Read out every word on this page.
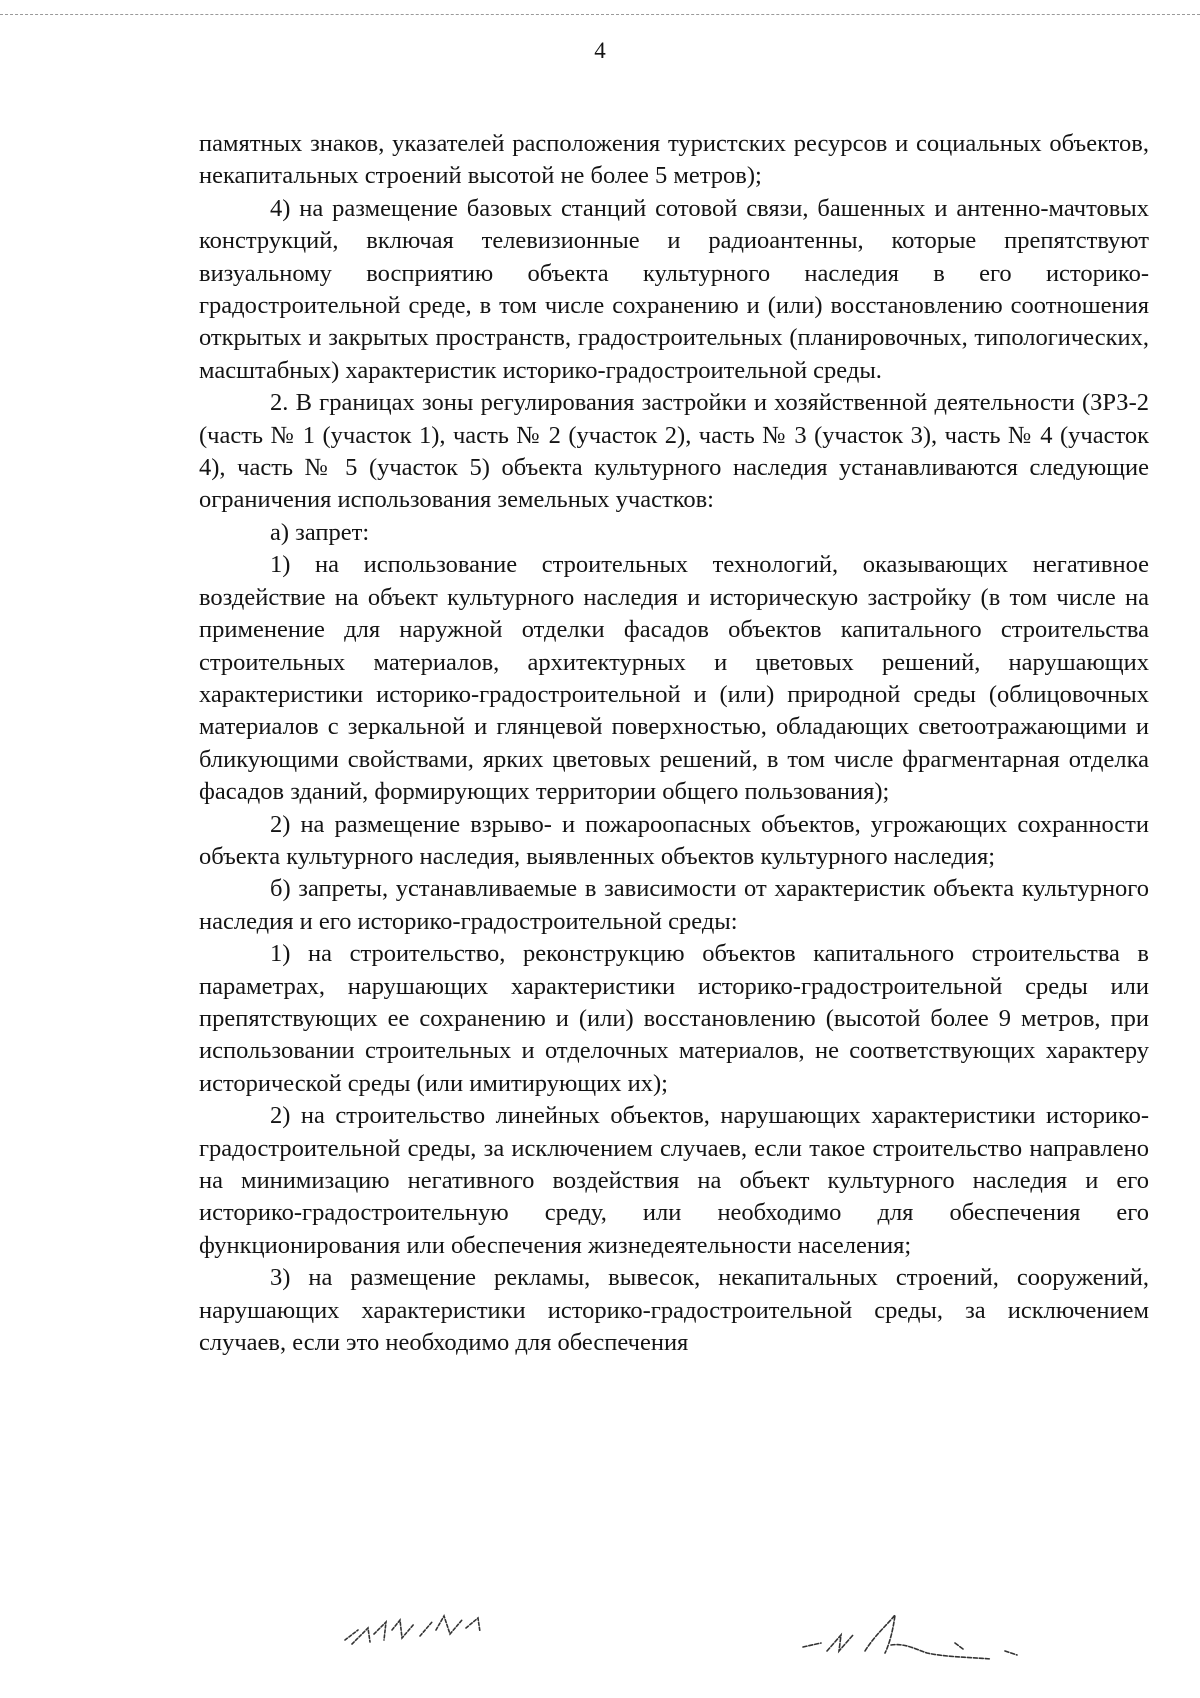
4

памятных знаков, указателей расположения туристских ресурсов и социальных объектов, некапитальных строений высотой не более 5 метров);

4) на размещение базовых станций сотовой связи, башенных и антенно-мачтовых конструкций, включая телевизионные и радиоантенны, которые препятствуют визуальному восприятию объекта культурного наследия в его историко-градостроительной среде, в том числе сохранению и (или) восстановлению соотношения открытых и закрытых пространств, градостроительных (планировочных, типологических, масштабных) характеристик историко-градостроительной среды.

2. В границах зоны регулирования застройки и хозяйственной деятельности (ЗРЗ-2 (часть № 1 (участок 1), часть № 2 (участок 2), часть № 3 (участок 3), часть № 4 (участок 4), часть № 5 (участок 5) объекта культурного наследия устанавливаются следующие ограничения использования земельных участков:

а) запрет:

1) на использование строительных технологий, оказывающих негативное воздействие на объект культурного наследия и историческую застройку (в том числе на применение для наружной отделки фасадов объектов капитального строительства строительных материалов, архитектурных и цветовых решений, нарушающих характеристики историко-градостроительной и (или) природной среды (облицовочных материалов с зеркальной и глянцевой поверхностью, обладающих светоотражающими и бликующими свойствами, ярких цветовых решений, в том числе фрагментарная отделка фасадов зданий, формирующих территории общего пользования);

2) на размещение взрыво- и пожароопасных объектов, угрожающих сохранности объекта культурного наследия, выявленных объектов культурного наследия;

б) запреты, устанавливаемые в зависимости от характеристик объекта культурного наследия и его историко-градостроительной среды:

1) на строительство, реконструкцию объектов капитального строительства в параметрах, нарушающих характеристики историко-градостроительной среды или препятствующих ее сохранению и (или) восстановлению (высотой более 9 метров, при использовании строительных и отделочных материалов, не соответствующих характеру исторической среды (или имитирующих их);

2) на строительство линейных объектов, нарушающих характеристики историко-градостроительной среды, за исключением случаев, если такое строительство направлено на минимизацию негативного воздействия на объект культурного наследия и его историко-градостроительную среду, или необходимо для обеспечения его функционирования или обеспечения жизнедеятельности населения;

3) на размещение рекламы, вывесок, некапитальных строений, сооружений, нарушающих характеристики историко-градостроительной среды, за исключением случаев, если это необходимо для обеспечения
